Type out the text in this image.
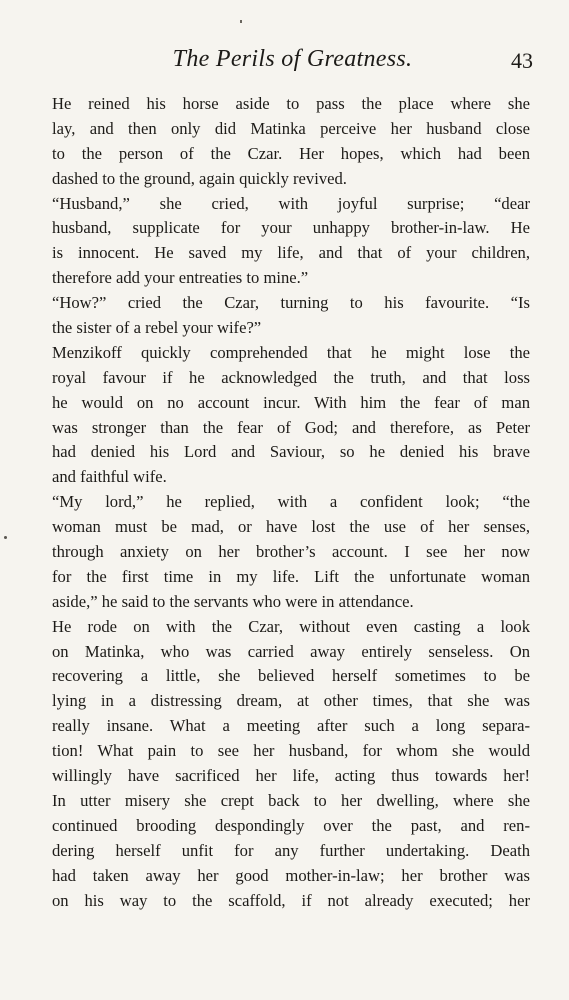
The Perils of Greatness.	43
He reined his horse aside to pass the place where she
lay, and then only did Matinka perceive her husband close
to the person of the Czar. Her hopes, which had been
dashed to the ground, again quickly revived.
“Husband,” she cried, with joyful surprise; “dear
husband, supplicate for your unhappy brother-in-law. He
is innocent. He saved my life, and that of your children,
therefore add your entreaties to mine.”
“How?” cried the Czar, turning to his favourite. “Is
the sister of a rebel your wife?”
Menzikoff quickly comprehended that he might lose the
royal favour if he acknowledged the truth, and that loss
he would on no account incur. With him the fear of man
was stronger than the fear of God; and therefore, as Peter
had denied his Lord and Saviour, so he denied his brave
and faithful wife.
“My lord,” he replied, with a confident look; “the
woman must be mad, or have lost the use of her senses,
through anxiety on her brother’s account. I see her now
for the first time in my life. Lift the unfortunate woman
aside,” he said to the servants who were in attendance.
He rode on with the Czar, without even casting a look
on Matinka, who was carried away entirely senseless. On
recovering a little, she believed herself sometimes to be
lying in a distressing dream, at other times, that she was
really insane. What a meeting after such a long separa-
tion! What pain to see her husband, for whom she would
willingly have sacrificed her life, acting thus towards her!
In utter misery she crept back to her dwelling, where she
continued brooding despondingly over the past, and ren-
dering herself unfit for any further undertaking. Death
had taken away her good mother-in-law; her brother was
on his way to the scaffold, if not already executed; her
